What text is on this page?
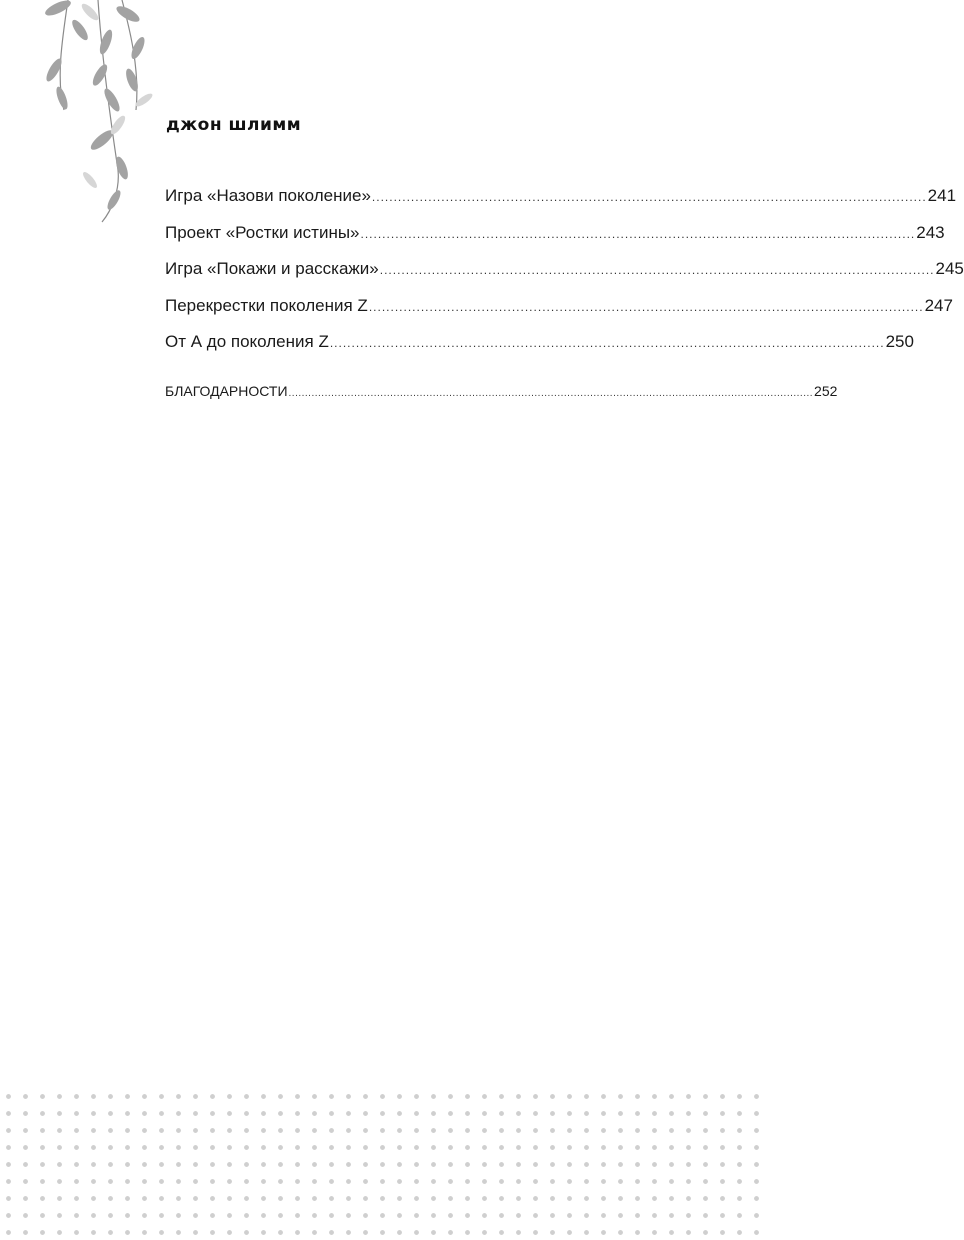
джон шлимм
Игра «Назови поколение» ................................................................................................................................ 241
Проект «Ростки истины» ................................................................................................................................ 243
Игра «Покажи и расскажи» ................................................................................................................................ 245
Перекрестки поколения Z ................................................................................................................................ 247
От А до поколения Z ................................................................................................................................ 250
БЛАГОДАРНОСТИ ................................................................................................................................................................ 252
